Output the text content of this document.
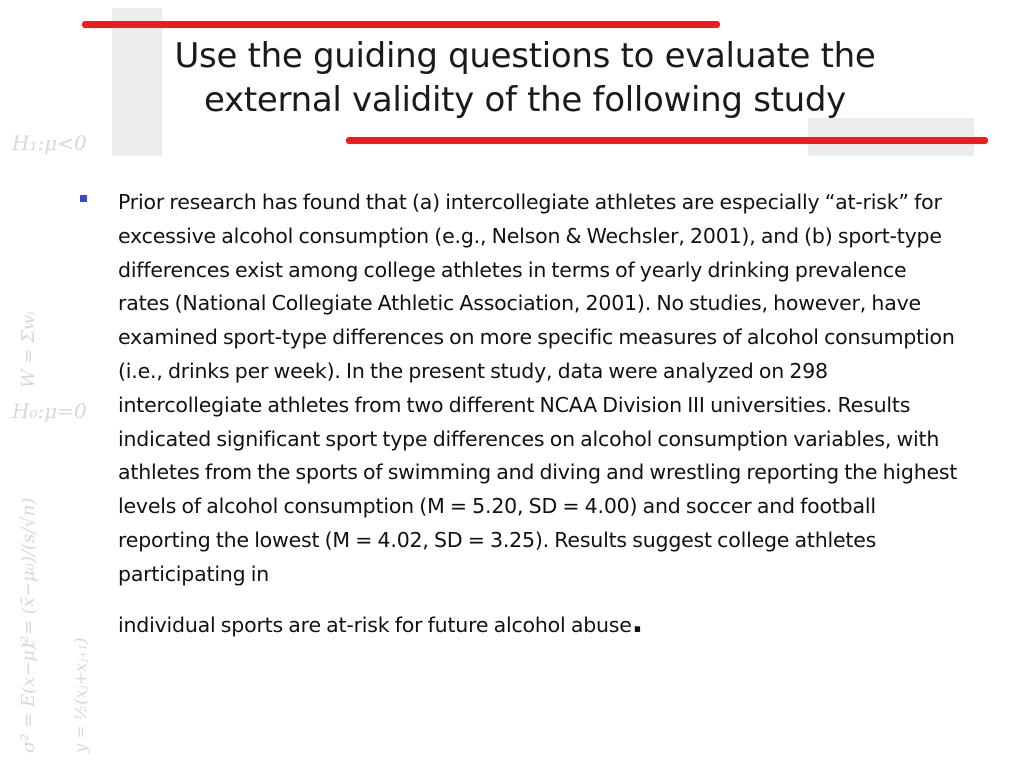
H₁:μ<0
H₀:μ=0
W = Σwᵢ
t = (x̄−μ₀)/(s/√n)
σ² = E(x−μ)² y = ½(xⱼ+xⱼ₊₁)
Use the guiding questions to evaluate the
external validity of the following study
Prior research has found that (a) intercollegiate athletes are especially “at-risk” for excessive alcohol consumption (e.g., Nelson & Wechsler, 2001), and (b) sport-type differences exist among college athletes in terms of yearly drinking prevalence rates (National Collegiate Athletic Association, 2001). No studies, however, have examined sport-type differences on more specific measures of alcohol consumption (i.e., drinks per week). In the present study, data were analyzed on 298 intercollegiate athletes from two different NCAA Division III universities. Results indicated significant sport type differences on alcohol consumption variables, with athletes from the sports of swimming and diving and wrestling reporting the highest levels of alcohol consumption (M = 5.20, SD = 4.00) and soccer and football reporting the lowest (M = 4.02, SD = 3.25). Results suggest college athletes participating in
individual sports are at-risk for future alcohol abuse.
